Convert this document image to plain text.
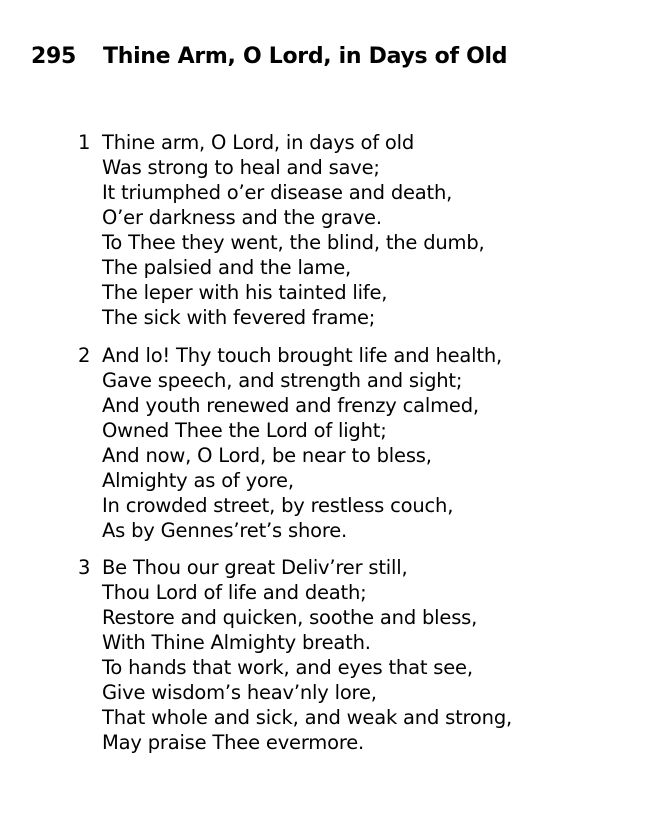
295	Thine Arm, O Lord, in Days of Old
1 Thine arm, O Lord, in days of old
Was strong to heal and save;
It triumphed o’er disease and death,
O’er darkness and the grave.
To Thee they went, the blind, the dumb,
The palsied and the lame,
The leper with his tainted life,
The sick with fevered frame;
2 And lo! Thy touch brought life and health,
Gave speech, and strength and sight;
And youth renewed and frenzy calmed,
Owned Thee the Lord of light;
And now, O Lord, be near to bless,
Almighty as of yore,
In crowded street, by restless couch,
As by Gennes’ret’s shore.
3 Be Thou our great Deliv’rer still,
Thou Lord of life and death;
Restore and quicken, soothe and bless,
With Thine Almighty breath.
To hands that work, and eyes that see,
Give wisdom’s heav’nly lore,
That whole and sick, and weak and strong,
May praise Thee evermore.
